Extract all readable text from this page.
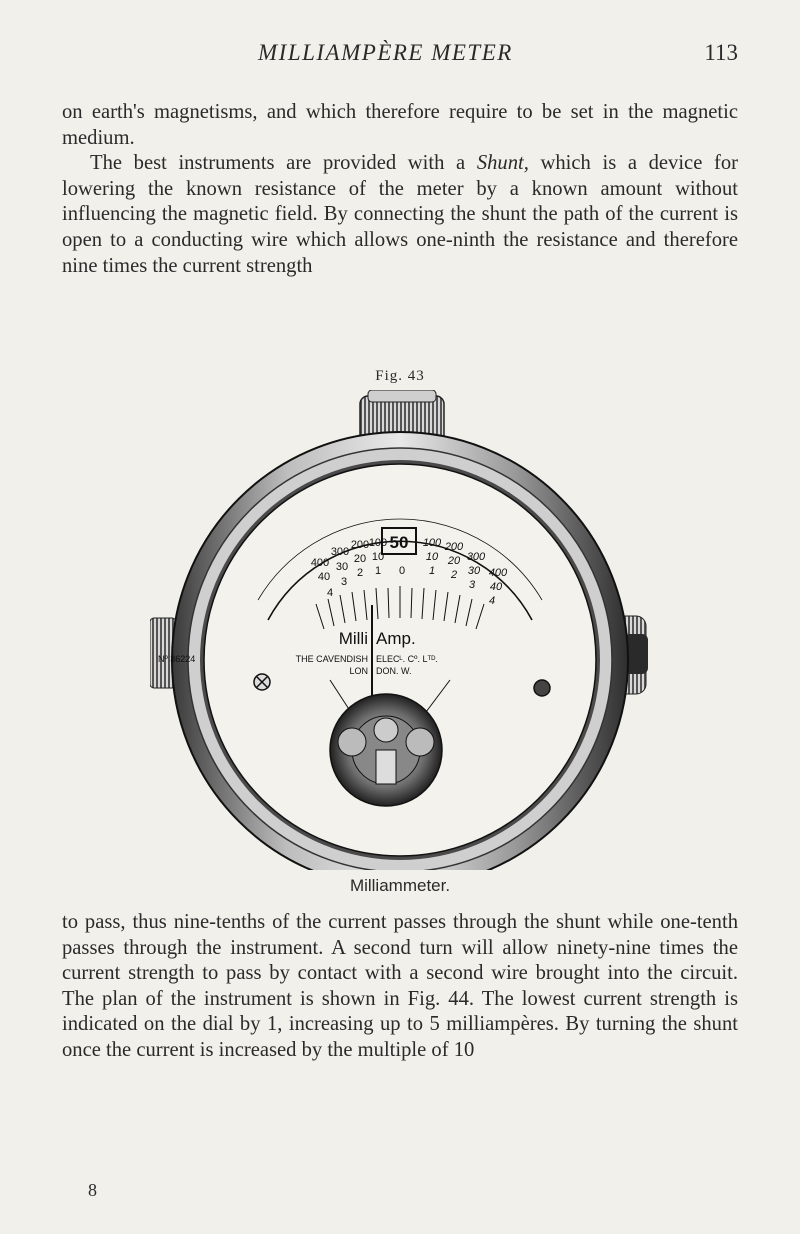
MILLIAMPÈRE METER	113

on earth's magnetisms, and which therefore require to be set in the magnetic medium.

The best instruments are provided with a Shunt, which is a device for lowering the known resistance of the meter by a known amount without influencing the magnetic field. By connecting the shunt the path of the current is open to a conducting wire which allows one-ninth the resistance and therefore nine times the current strength

Fig. 43
50
200
300
400
100
20
30
40
10
2
3
4
1 0
100
10
1
200
20
2
300
30
3
400
40
4
Milli Amp.
Nº 36224	THE CAVENDISH ELECᴸ. Cº. Lᵀᴰ.
LON DON. W.
Milliammeter.

to pass, thus nine-tenths of the current passes through the shunt while one-tenth passes through the instrument. A second turn will allow ninety-nine times the current strength to pass by contact with a second wire brought into the circuit. The plan of the instrument is shown in Fig. 44. The lowest current strength is indicated on the dial by 1, increasing up to 5 milliampères. By turning the shunt once the current is increased by the multiple of 10

8
